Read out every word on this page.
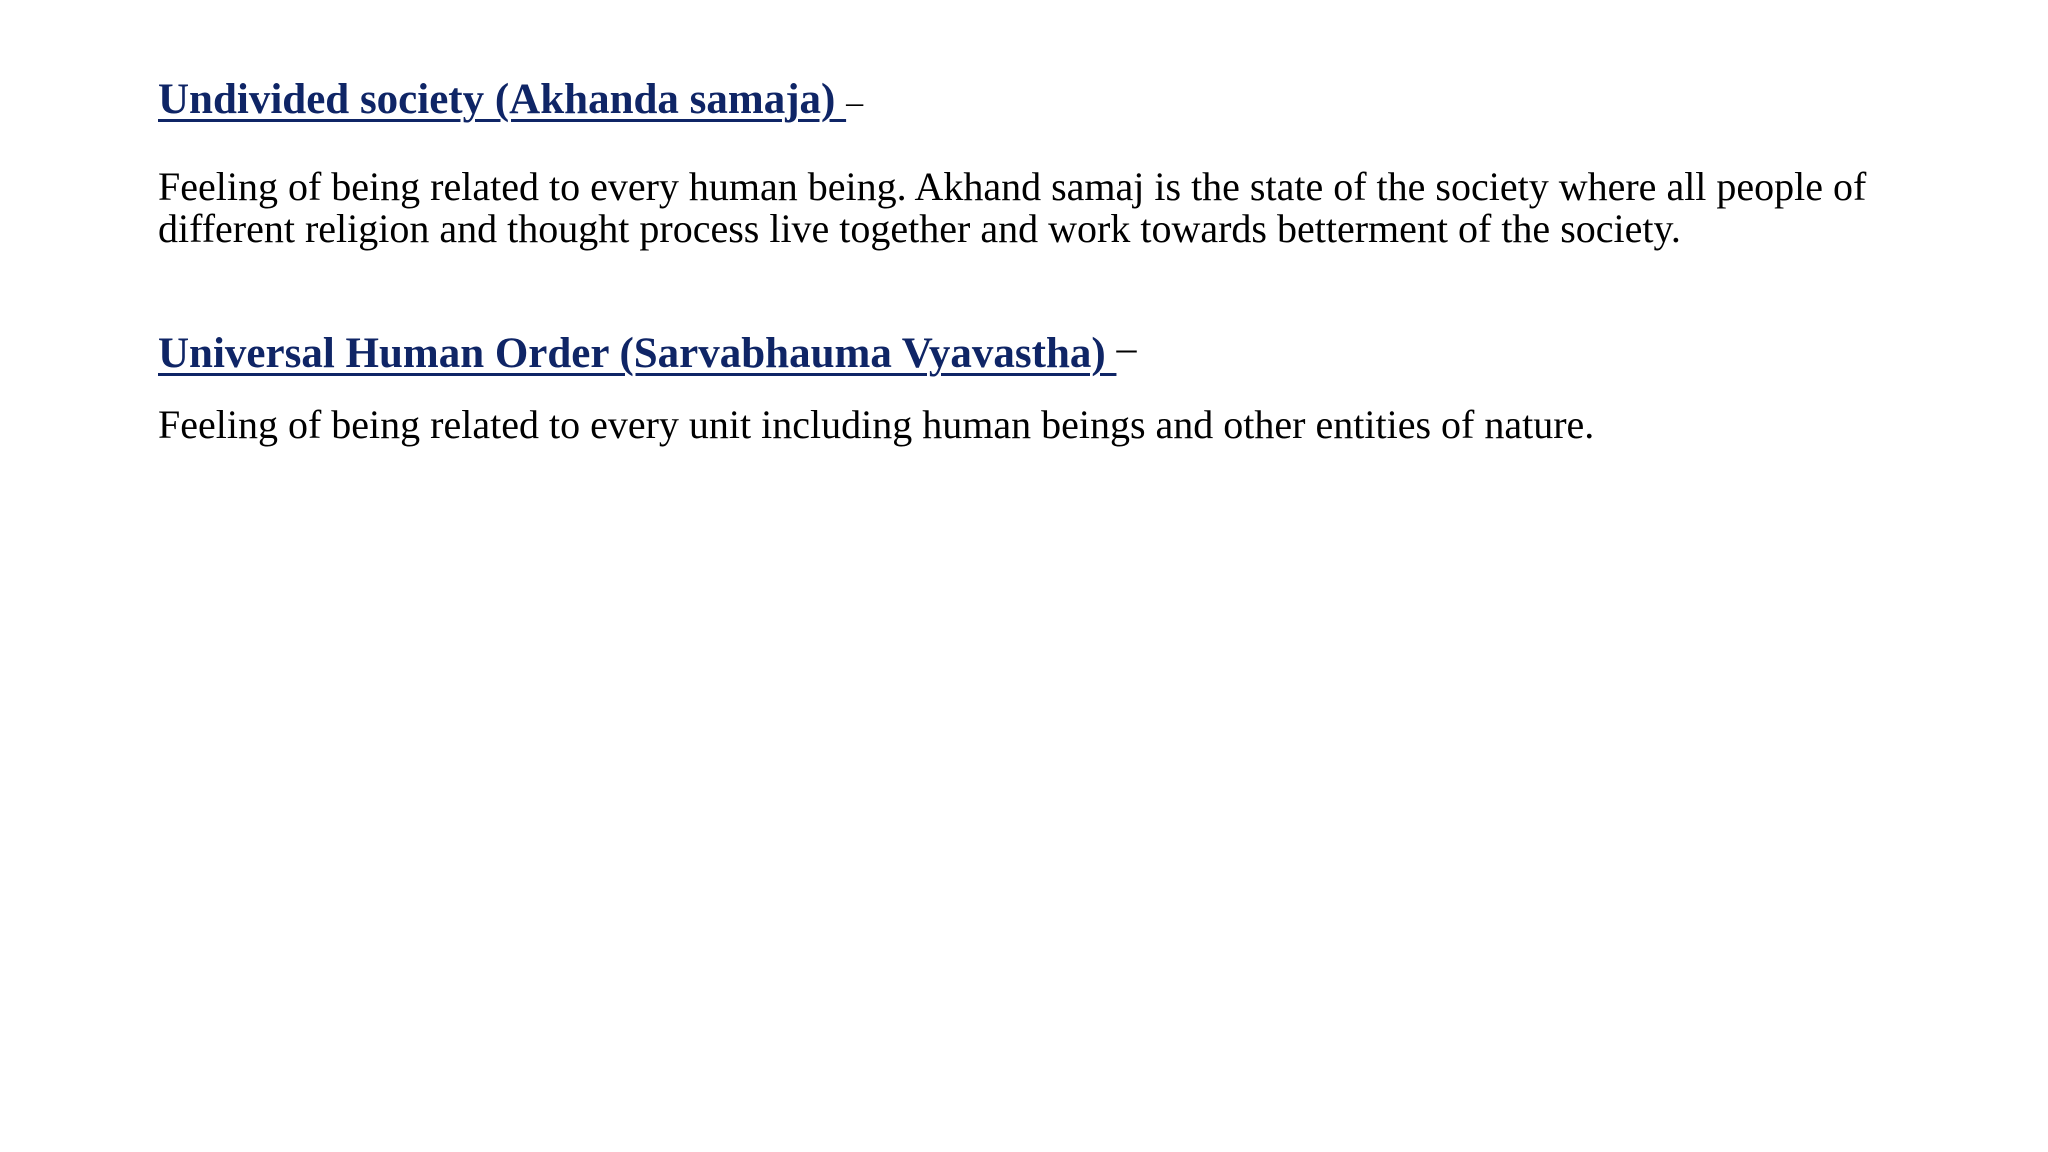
Undivided society (Akhanda samaja) –

Feeling of being related to every human being. Akhand samaj is the state of the society where all people of different religion and thought process live together and work towards betterment of the society.

Universal Human Order (Sarvabhauma Vyavastha) –

Feeling of being related to every unit including human beings and other entities of nature.
